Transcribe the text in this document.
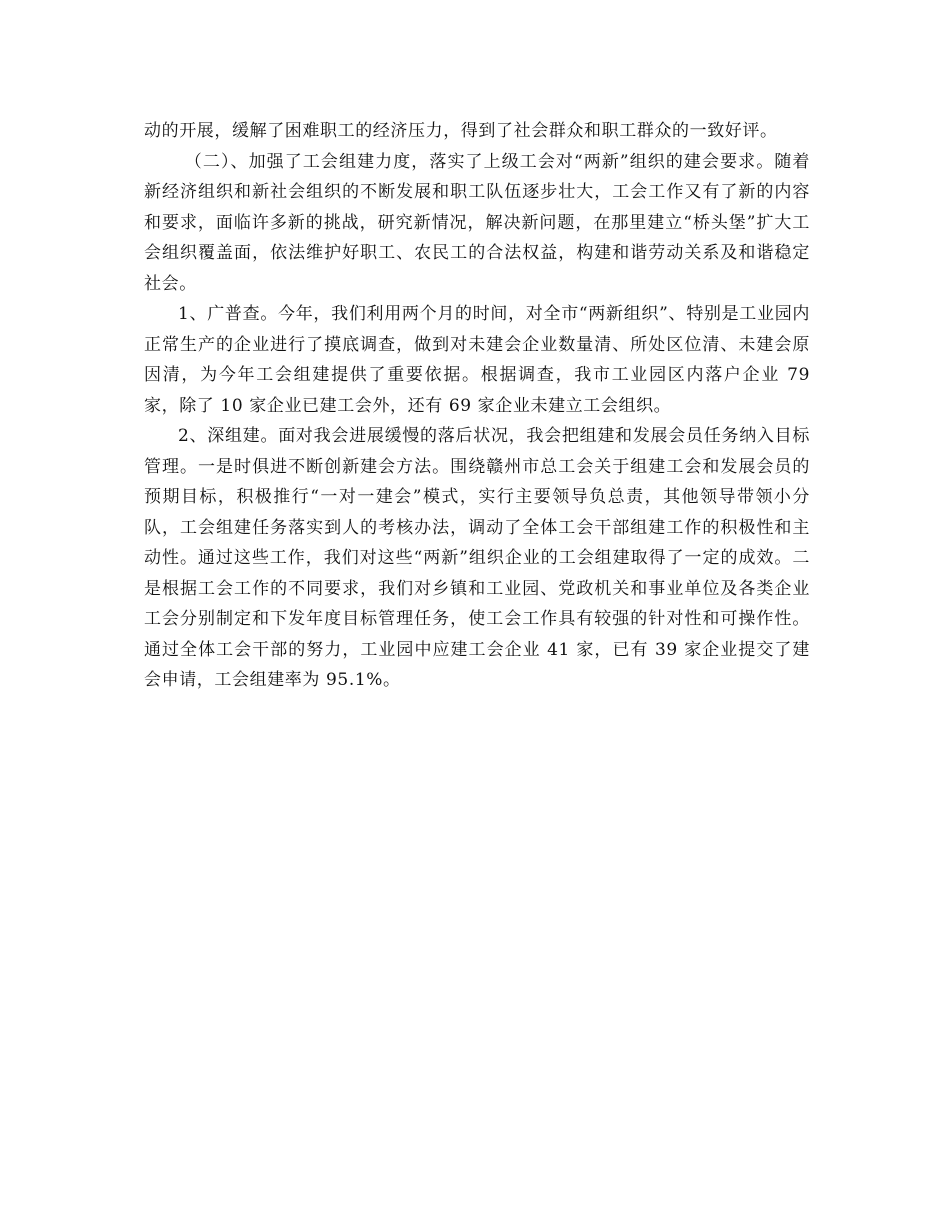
动的开展，缓解了困难职工的经济压力，得到了社会群众和职工群众的一致好评。

（二）、加强了工会组建力度，落实了上级工会对“两新”组织的建会要求。随着新经济组织和新社会组织的不断发展和职工队伍逐步壮大，工会工作又有了新的内容和要求，面临许多新的挑战，研究新情况，解决新问题，在那里建立“桥头堡”扩大工会组织覆盖面，依法维护好职工、农民工的合法权益，构建和谐劳动关系及和谐稳定社会。

1、广普查。今年，我们利用两个月的时间，对全市“两新组织”、特别是工业园内正常生产的企业进行了摸底调查，做到对未建会企业数量清、所处区位清、未建会原因清，为今年工会组建提供了重要依据。根据调查，我市工业园区内落户企业 79 家，除了 10 家企业已建工会外，还有 69 家企业未建立工会组织。

2、深组建。面对我会进展缓慢的落后状况，我会把组建和发展会员任务纳入目标管理。一是时俱进不断创新建会方法。围绕赣州市总工会关于组建工会和发展会员的预期目标，积极推行“一对一建会”模式，实行主要领导负总责，其他领导带领小分队，工会组建任务落实到人的考核办法，调动了全体工会干部组建工作的积极性和主动性。通过这些工作，我们对这些“两新”组织企业的工会组建取得了一定的成效。二是根据工会工作的不同要求，我们对乡镇和工业园、党政机关和事业单位及各类企业工会分别制定和下发年度目标管理任务，使工会工作具有较强的针对性和可操作性。通过全体工会干部的努力，工业园中应建工会企业 41 家，已有 39 家企业提交了建会申请，工会组建率为 95.1%。
